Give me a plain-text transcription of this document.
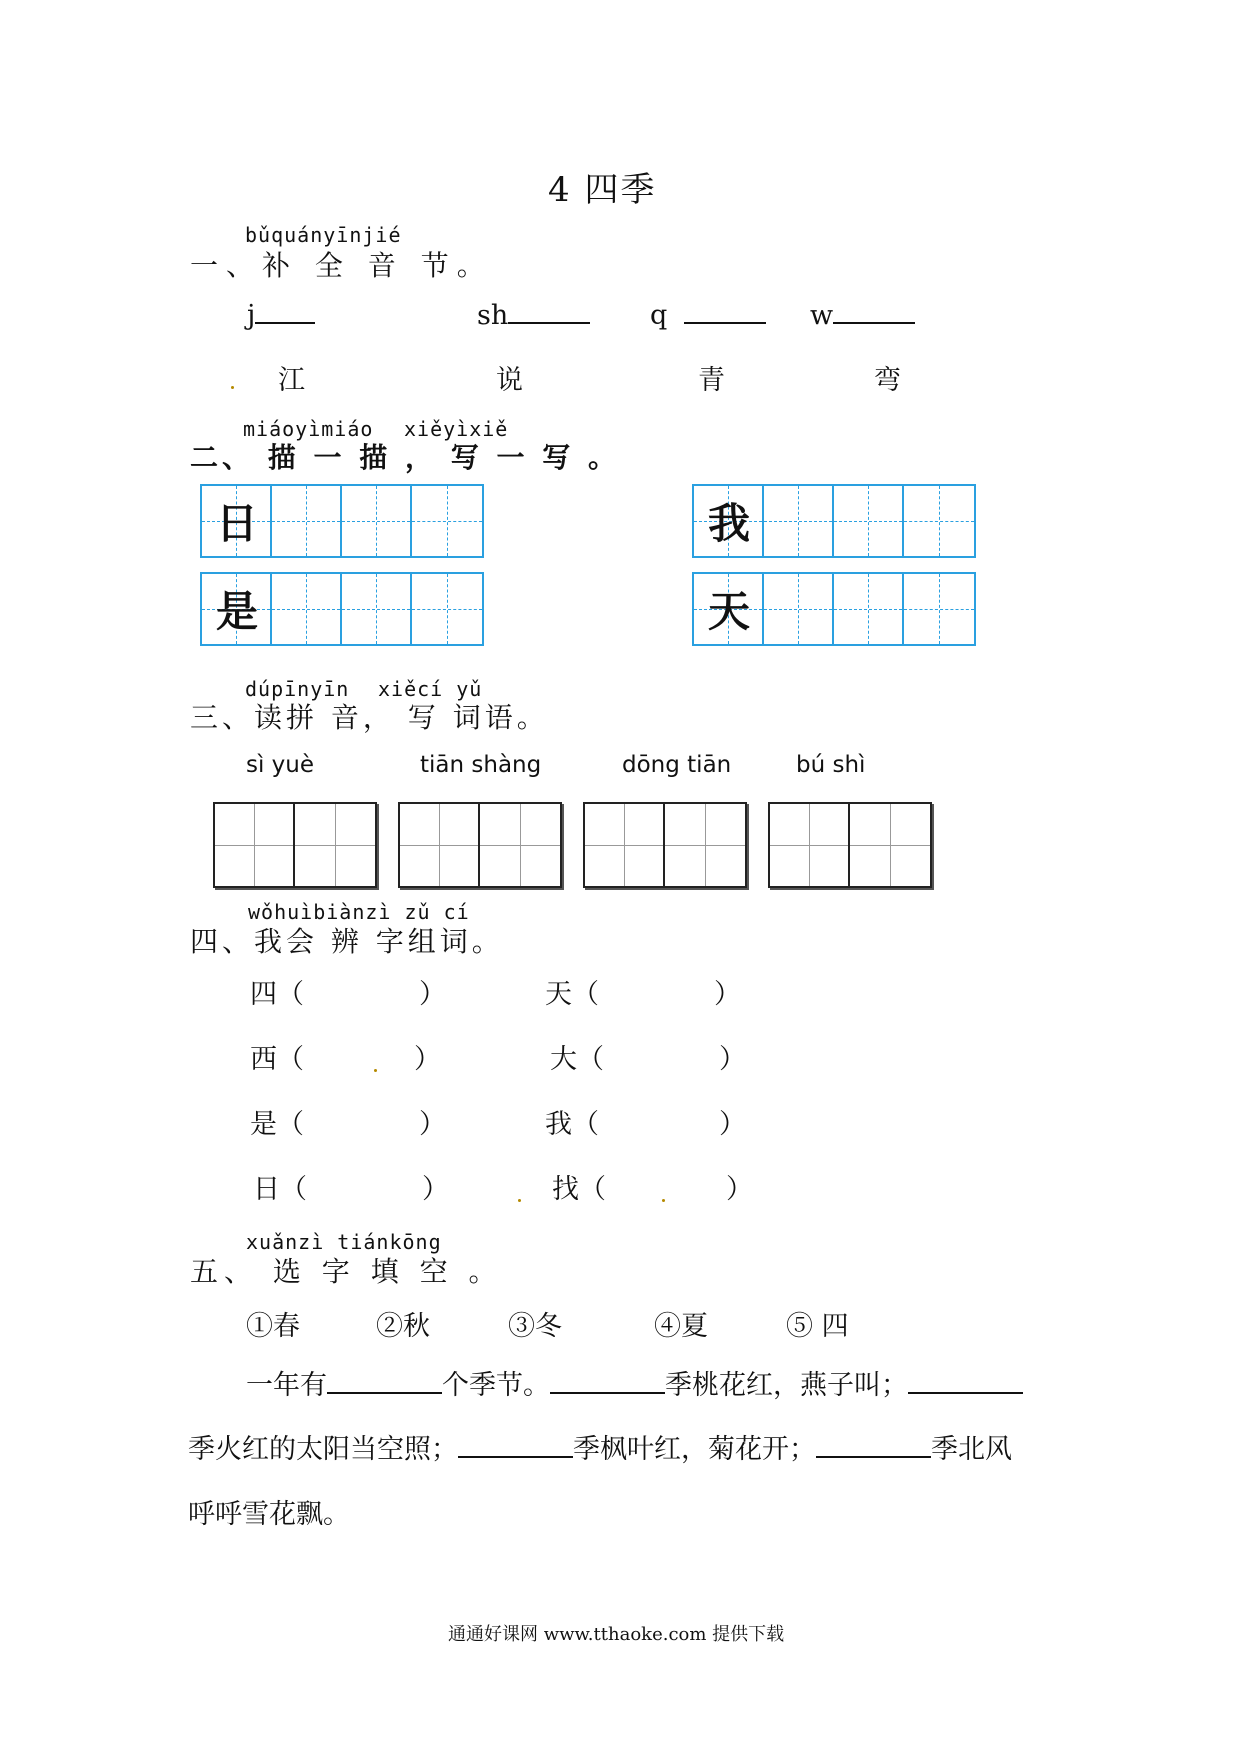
4 四季
bǔquányīnjié
一、补 全 音 节。
j	sh	q	w
江	说	青	弯
miáoyìmiáo xiěyìxiě
二、 描 一 描 ， 写 一 写 。
日	我
是	天
dúpīnyīn xiěcí yǔ
三、读拼 音， 写 词语。
sì yuè	tiān shàng	dōng tiān	bú shì
wǒhuìbiànzì zǔ cí
四、我会 辨 字组词。
四（	）	天（	）
西（	）	大（	）
是（	）	我（	）
日（	）	找（	）
xuǎnzì tiánkōng
五、 选 字 填 空 。
①春	②秋	③冬	④夏	⑤ 四
一年有	个季节。	季桃花红，燕子叫；
季火红的太阳当空照；	季枫叶红，菊花开；	季北风
呼呼雪花飘。
通通好课网 www.tthaoke.com 提供下载
